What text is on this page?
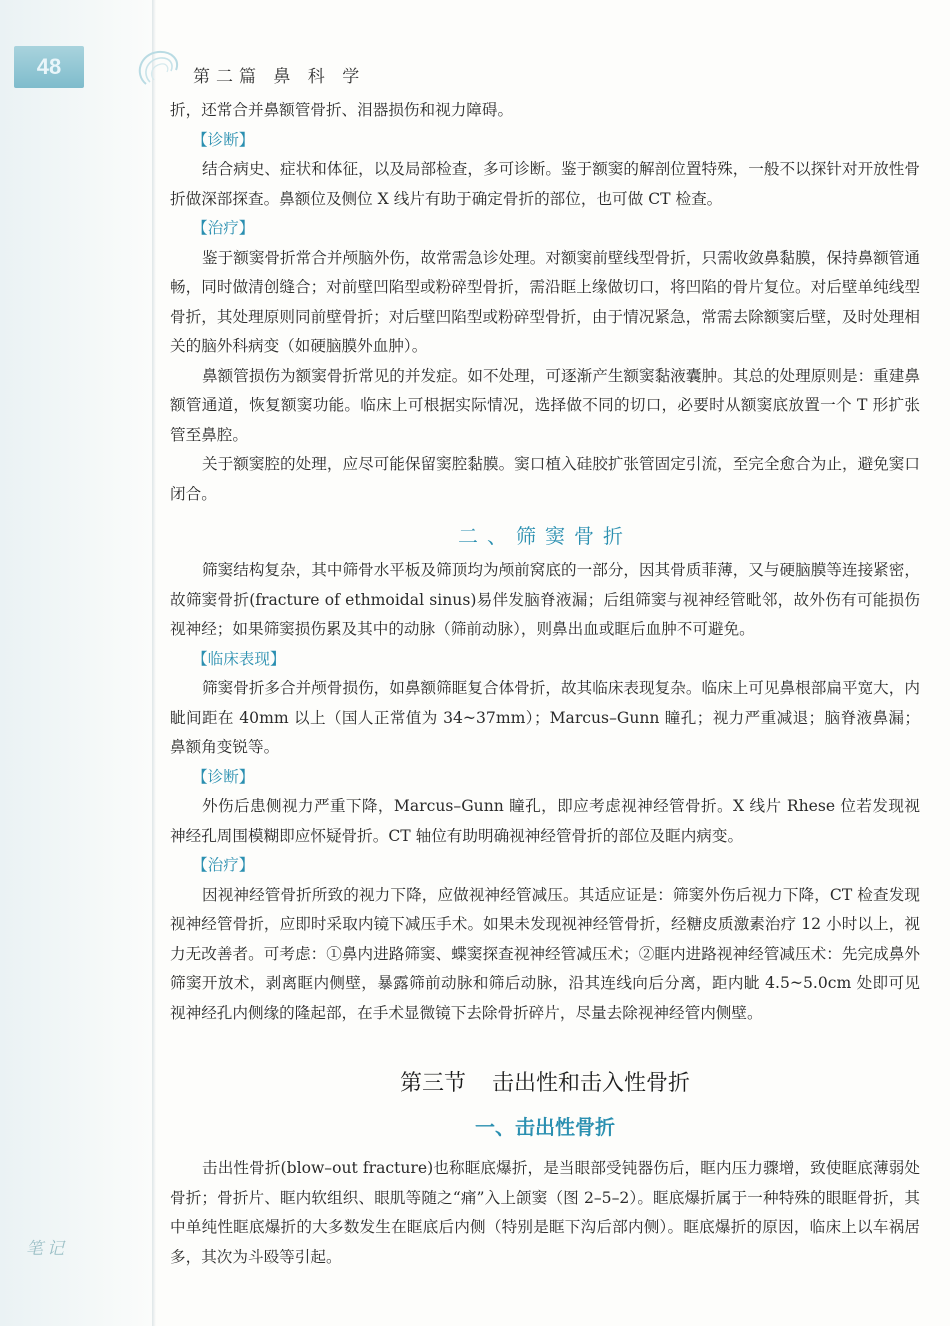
48	第二篇 鼻 科 学
笔记

折，还常合并鼻额管骨折、泪器损伤和视力障碍。

【诊断】

结合病史、症状和体征，以及局部检查，多可诊断。鉴于额窦的解剖位置特殊，一般不以探针对开放性骨折做深部探查。鼻额位及侧位 X 线片有助于确定骨折的部位，也可做 CT 检查。

【治疗】

鉴于额窦骨折常合并颅脑外伤，故常需急诊处理。对额窦前壁线型骨折，只需收敛鼻黏膜，保持鼻额管通畅，同时做清创缝合；对前壁凹陷型或粉碎型骨折，需沿眶上缘做切口，将凹陷的骨片复位。对后壁单纯线型骨折，其处理原则同前壁骨折；对后壁凹陷型或粉碎型骨折，由于情况紧急，常需去除额窦后壁，及时处理相关的脑外科病变（如硬脑膜外血肿）。

鼻额管损伤为额窦骨折常见的并发症。如不处理，可逐渐产生额窦黏液囊肿。其总的处理原则是：重建鼻额管通道，恢复额窦功能。临床上可根据实际情况，选择做不同的切口，必要时从额窦底放置一个 T 形扩张管至鼻腔。

关于额窦腔的处理，应尽可能保留窦腔黏膜。窦口植入硅胶扩张管固定引流，至完全愈合为止，避免窦口闭合。

二、筛窦骨折

筛窦结构复杂，其中筛骨水平板及筛顶均为颅前窝底的一部分，因其骨质菲薄，又与硬脑膜等连接紧密，故筛窦骨折(fracture of ethmoidal sinus)易伴发脑脊液漏；后组筛窦与视神经管毗邻，故外伤有可能损伤视神经；如果筛窦损伤累及其中的动脉（筛前动脉），则鼻出血或眶后血肿不可避免。

【临床表现】

筛窦骨折多合并颅骨损伤，如鼻额筛眶复合体骨折，故其临床表现复杂。临床上可见鼻根部扁平宽大，内眦间距在 40mm 以上（国人正常值为 34~37mm）；Marcus–Gunn 瞳孔；视力严重减退；脑脊液鼻漏；鼻额角变锐等。

【诊断】

外伤后患侧视力严重下降，Marcus–Gunn 瞳孔，即应考虑视神经管骨折。X 线片 Rhese 位若发现视神经孔周围模糊即应怀疑骨折。CT 轴位有助明确视神经管骨折的部位及眶内病变。

【治疗】

因视神经管骨折所致的视力下降，应做视神经管减压。其适应证是：筛窦外伤后视力下降，CT 检查发现视神经管骨折，应即时采取内镜下减压手术。如果未发现视神经管骨折，经糖皮质激素治疗 12 小时以上，视力无改善者。可考虑：①鼻内进路筛窦、蝶窦探查视神经管减压术；②眶内进路视神经管减压术：先完成鼻外筛窦开放术，剥离眶内侧壁，暴露筛前动脉和筛后动脉，沿其连线向后分离，距内眦 4.5~5.0cm 处即可见视神经孔内侧缘的隆起部，在手术显微镜下去除骨折碎片，尽量去除视神经管内侧壁。

第三节 击出性和击入性骨折
一、击出性骨折

击出性骨折(blow–out fracture)也称眶底爆折，是当眼部受钝器伤后，眶内压力骤增，致使眶底薄弱处骨折；骨折片、眶内软组织、眼肌等随之“痛”入上颌窦（图 2–5–2）。眶底爆折属于一种特殊的眼眶骨折，其中单纯性眶底爆折的大多数发生在眶底后内侧（特别是眶下沟后部内侧）。眶底爆折的原因，临床上以车祸居多，其次为斗殴等引起。
